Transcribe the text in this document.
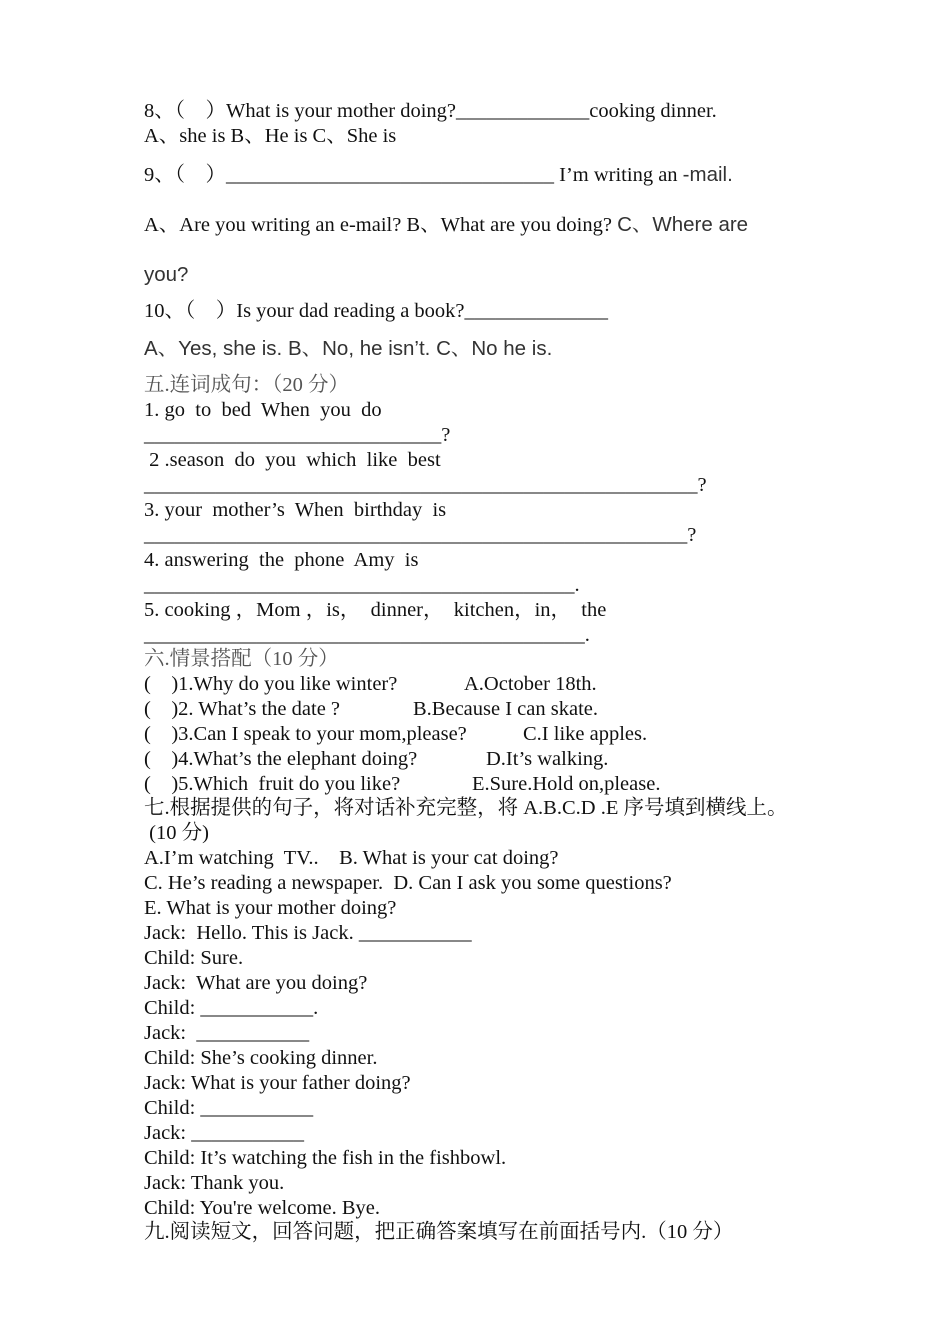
8、（    ）What is your mother doing?_____________cooking dinner.
A、she is B、He is C、She is
9、（    ）________________________________ I’m writing an -mail.
A、Are you writing an e-mail? B、What are you doing? C、Where are
you?
10、（    ）Is your dad reading a book?______________
A、Yes, she is. B、No, he isn’t. C、No he is.
五.连词成句：（20 分）
1. go  to  bed  When  you  do
_____________________________?
2 .season  do  you  which  like  best
______________________________________________________?
3. your  mother’s  When  birthday  is
_____________________________________________________?
4. answering  the  phone  Amy  is
__________________________________________.
5. cooking ，Mom ，is，  dinner，  kitchen，in，  the
___________________________________________.
六.情景搭配（10 分）
(    )1.Why do you like winter?	A.October 18th.
(    )2. What’s the date ?	B.Because I can skate.
(    )3.Can I speak to your mom,please?	C.I like apples.
(    )4.What’s the elephant doing?	D.It’s walking.
(    )5.Which  fruit do you like?	E.Sure.Hold on,please.
七.根据提供的句子，将对话补充完整，将 A.B.C.D .E 序号填到横线上。
(10 分)
A.I’m watching  TV..    B. What is your cat doing?
C. He’s reading a newspaper.  D. Can I ask you some questions?
E. What is your mother doing?
Jack:  Hello. This is Jack. ___________
Child: Sure.
Jack:  What are you doing?
Child: ___________.
Jack:  ___________
Child: She’s cooking dinner.
Jack: What is your father doing?
Child: ___________
Jack: ___________
Child: It’s watching the fish in the fishbowl.
Jack: Thank you.
Child: You're welcome. Bye.
九.阅读短文，回答问题，把正确答案填写在前面括号内.（10 分）
